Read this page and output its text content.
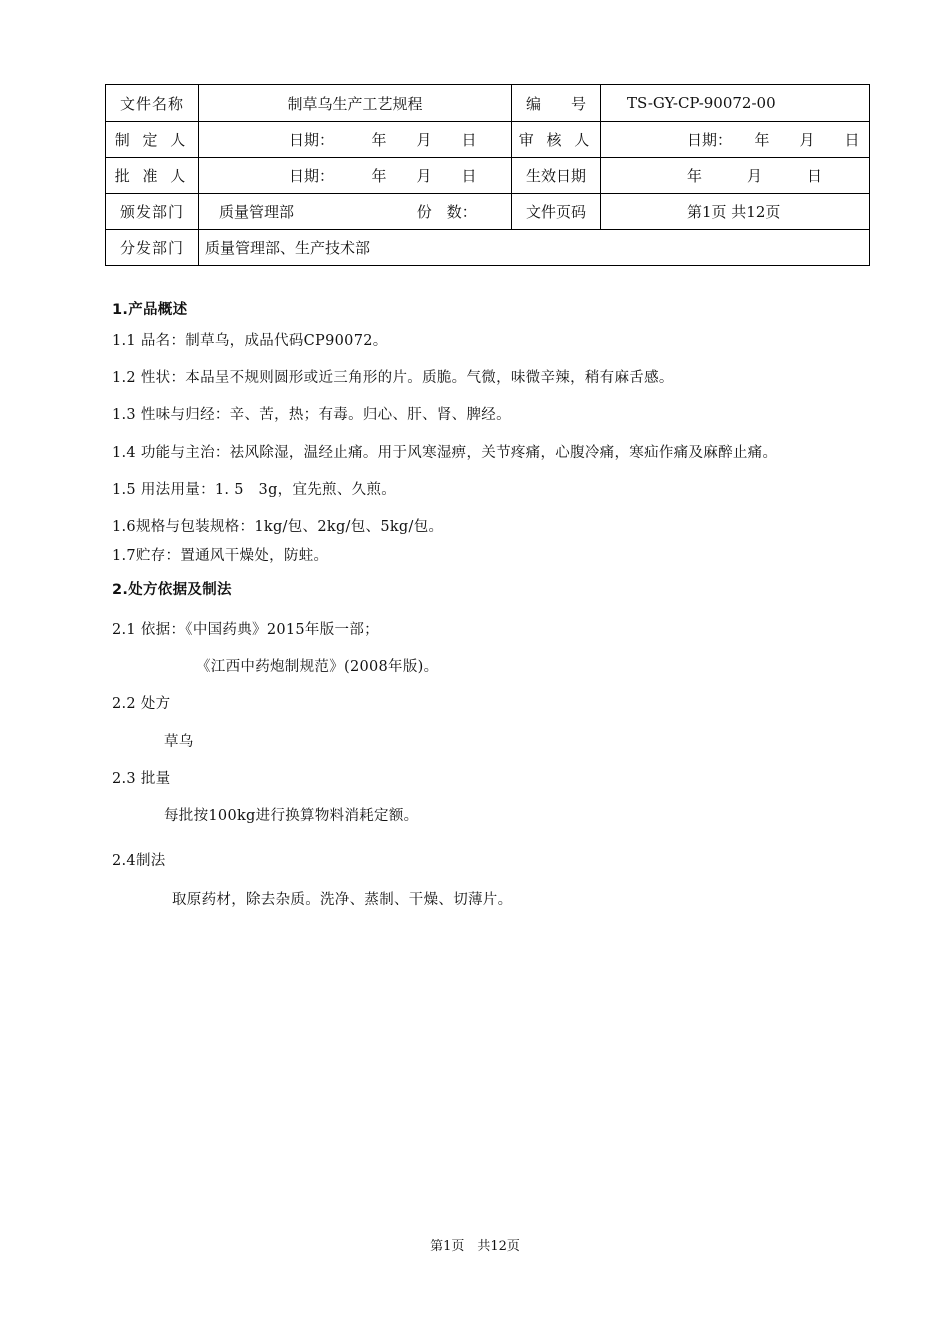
文件名称	制草乌生产工艺规程	编　　号	TS-GY-CP-90072-00
制 定 人	日期：　　　年　　月　　日	审 核 人	日期：　　年　　月　　日
批 准 人	日期：　　　年　　月　　日	生效日期	年　　　月　　　日
颁发部门	质量管理部 份　数：	文件页码	第1页 共12页
分发部门	质量管理部、生产技术部		
1.产品概述
1.1 品名：制草乌，成品代码CP90072。
1.2 性状：本品呈不规则圆形或近三角形的片。质脆。气微，味微辛辣，稍有麻舌感。
1.3 性味与归经：辛、苦，热；有毒。归心、肝、肾、脾经。
1.4 功能与主治：祛风除湿，温经止痛。用于风寒湿痹，关节疼痛，心腹冷痛，寒疝作痛及麻醉止痛。
1.5 用法用量：1. 5　3g，宜先煎、久煎。
1.6规格与包装规格：1kg/包、2kg/包、5kg/包。
1.7贮存：置通风干燥处，防蛀。
2.处方依据及制法
2.1 依据：《中国药典》2015年版一部；
《江西中药炮制规范》(2008年版)。
2.2 处方
草乌
2.3 批量
每批按100kg进行换算物料消耗定额。
2.4制法
取原药材，除去杂质。洗净、蒸制、干燥、切薄片。
第1页　共12页
